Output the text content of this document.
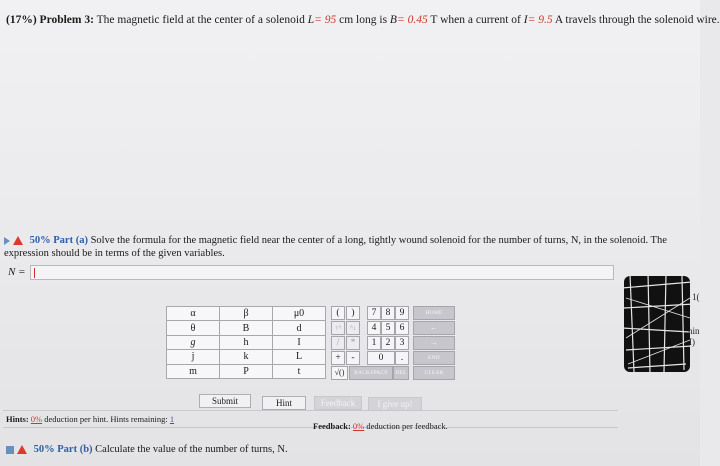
(17%) Problem 3: The magnetic field at the center of a solenoid L= 95 cm long is B= 0.45 T when a current of I= 9.5 A travels through the solenoid wire.
50% Part (a) Solve the formula for the magnetic field near the center of a long, tightly wound solenoid for the number of turns, N, in the solenoid. The expression should be in terms of the given variables.
N =
α	β	μ0
θ	B	d
g	h	I
j	k	L
m	P	t
(	)	7 8 9	HOME
↑^	^↓	4 5 6	←
/	*	1 2 3	→
+	-	0	.	END
√()	BACKSPACE	DEL	CLEAR
Submit	Hint	Feedback	I give up!
Hints: 0% deduction per hint. Hints remaining: 1
Feedback: 0% deduction per feedback.
50% Part (b) Calculate the value of the number of turns, N.
1(
nin
I)
